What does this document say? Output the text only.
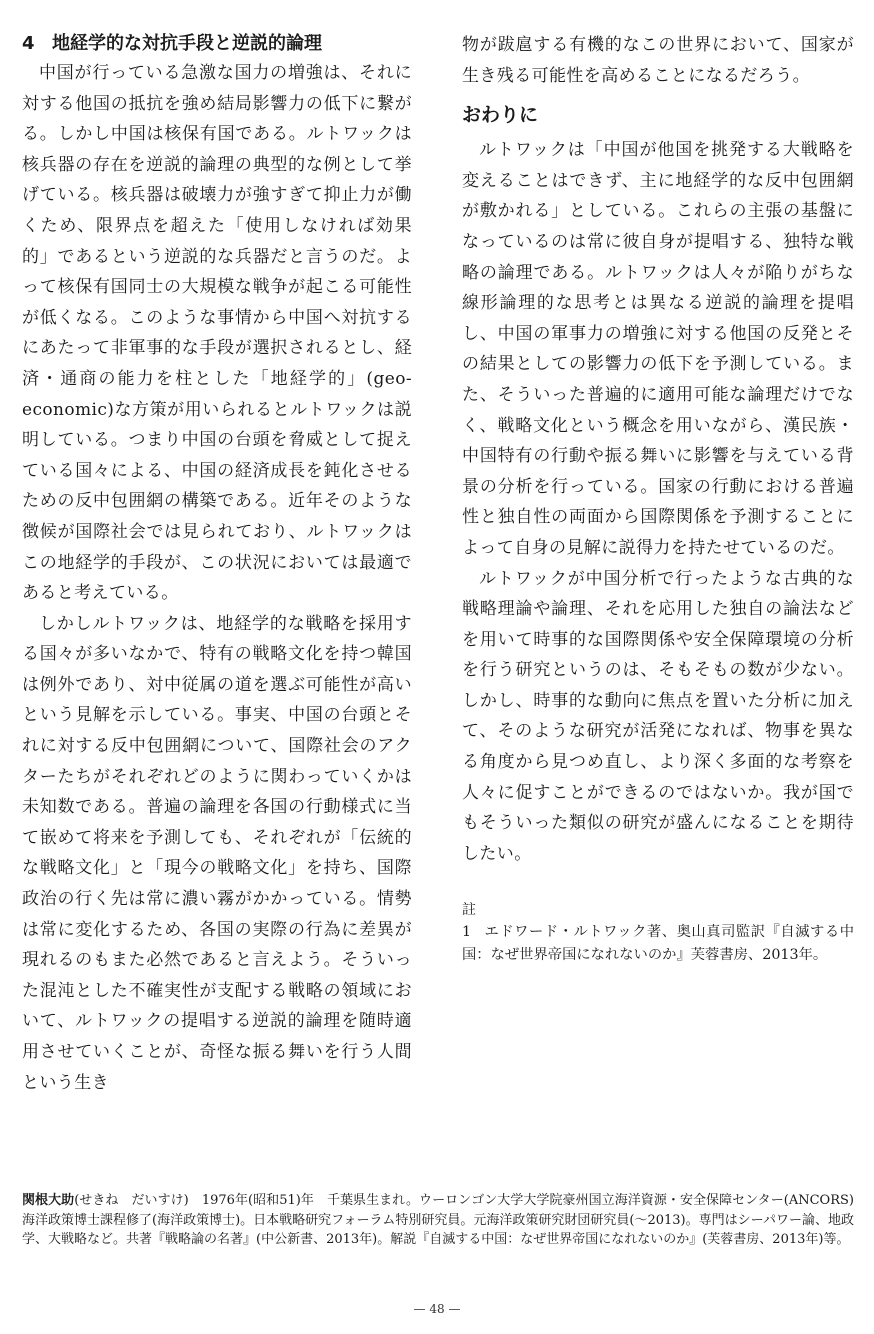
4 地経学的な対抗手段と逆説的論理

中国が行っている急激な国力の増強は、それに対する他国の抵抗を強め結局影響力の低下に繋がる。しかし中国は核保有国である。ルトワックは核兵器の存在を逆説的論理の典型的な例として挙げている。核兵器は破壊力が強すぎて抑止力が働くため、限界点を超えた「使用しなければ効果的」であるという逆説的な兵器だと言うのだ。よって核保有国同士の大規模な戦争が起こる可能性が低くなる。このような事情から中国へ対抗するにあたって非軍事的な手段が選択されるとし、経済・通商の能力を柱とした「地経学的」(geo-economic)な方策が用いられるとルトワックは説明している。つまり中国の台頭を脅威として捉えている国々による、中国の経済成長を鈍化させるための反中包囲網の構築である。近年そのような徴候が国際社会では見られており、ルトワックはこの地経学的手段が、この状況においては最適であると考えている。

しかしルトワックは、地経学的な戦略を採用する国々が多いなかで、特有の戦略文化を持つ韓国は例外であり、対中従属の道を選ぶ可能性が高いという見解を示している。事実、中国の台頭とそれに対する反中包囲網について、国際社会のアクターたちがそれぞれどのように関わっていくかは未知数である。普遍の論理を各国の行動様式に当て嵌めて将来を予測しても、それぞれが「伝統的な戦略文化」と「現今の戦略文化」を持ち、国際政治の行く先は常に濃い霧がかかっている。情勢は常に変化するため、各国の実際の行為に差異が現れるのもまた必然であると言えよう。そういった混沌とした不確実性が支配する戦略の領域において、ルトワックの提唱する逆説的論理を随時適用させていくことが、奇怪な振る舞いを行う人間という生き

物が跋扈する有機的なこの世界において、国家が生き残る可能性を高めることになるだろう。

おわりに

ルトワックは「中国が他国を挑発する大戦略を変えることはできず、主に地経学的な反中包囲網が敷かれる」としている。これらの主張の基盤になっているのは常に彼自身が提唱する、独特な戦略の論理である。ルトワックは人々が陥りがちな線形論理的な思考とは異なる逆説的論理を提唱し、中国の軍事力の増強に対する他国の反発とその結果としての影響力の低下を予測している。また、そういった普遍的に適用可能な論理だけでなく、戦略文化という概念を用いながら、漢民族・中国特有の行動や振る舞いに影響を与えている背景の分析を行っている。国家の行動における普遍性と独自性の両面から国際関係を予測することによって自身の見解に説得力を持たせているのだ。

ルトワックが中国分析で行ったような古典的な戦略理論や論理、それを応用した独自の論法などを用いて時事的な国際関係や安全保障環境の分析を行う研究というのは、そもそもの数が少ない。しかし、時事的な動向に焦点を置いた分析に加えて、そのような研究が活発になれば、物事を異なる角度から見つめ直し、より深く多面的な考察を人々に促すことができるのではないか。我が国でもそういった類似の研究が盛んになることを期待したい。

註

1 エドワード・ルトワック著、奥山真司監訳『自滅する中国：なぜ世界帝国になれないのか』芙蓉書房、2013年。

関根大助(せきね　だいすけ)　1976年(昭和51)年　千葉県生まれ。ウーロンゴン大学大学院豪州国立海洋資源・安全保障センター(ANCORS)海洋政策博士課程修了(海洋政策博士)。日本戦略研究フォーラム特別研究員。元海洋政策研究財団研究員(〜2013)。専門はシーパワー論、地政学、大戦略など。共著『戦略論の名著』(中公新書、2013年)。解説『自滅する中国：なぜ世界帝国になれないのか』(芙蓉書房、2013年)等。

— 48 —
